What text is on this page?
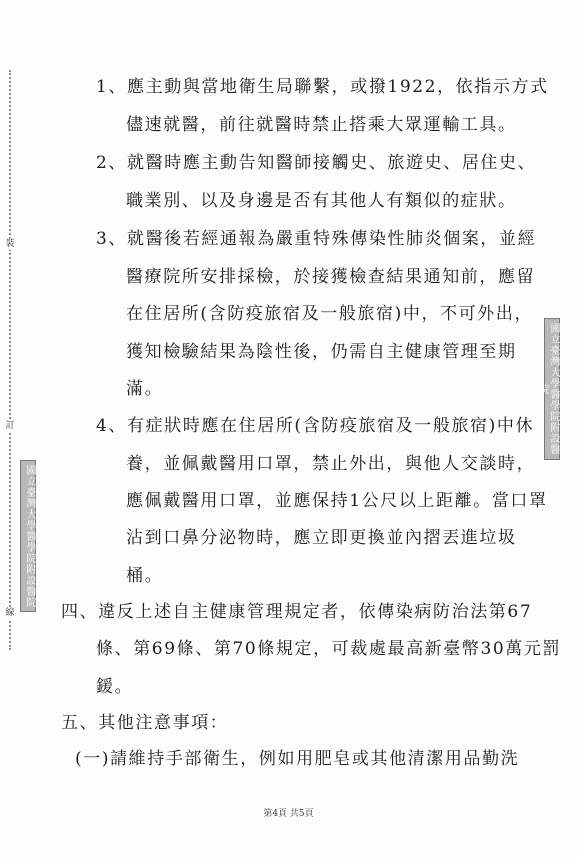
裝
訂
線
國立臺灣大學醫學院附設醫院
國立臺灣大學醫學院附設醫院
1、應主動與當地衛生局聯繫，或撥1922，依指示方式
儘速就醫，前往就醫時禁止搭乘大眾運輸工具。
2、就醫時應主動告知醫師接觸史、旅遊史、居住史、
職業別、以及身邊是否有其他人有類似的症狀。
3、就醫後若經通報為嚴重特殊傳染性肺炎個案，並經
醫療院所安排採檢，於接獲檢查結果通知前，應留
在住居所(含防疫旅宿及一般旅宿)中，不可外出，
獲知檢驗結果為陰性後，仍需自主健康管理至期
滿。
4、有症狀時應在住居所(含防疫旅宿及一般旅宿)中休
養，並佩戴醫用口罩，禁止外出，與他人交談時，
應佩戴醫用口罩，並應保持1公尺以上距離。當口罩
沾到口鼻分泌物時，應立即更換並內摺丟進垃圾
桶。
四、違反上述自主健康管理規定者，依傳染病防治法第67
條、第69條、第70條規定，可裁處最高新臺幣30萬元罰
鍰。
五、其他注意事項：
(一)請維持手部衛生，例如用肥皂或其他清潔用品勤洗
第4頁 共5頁
